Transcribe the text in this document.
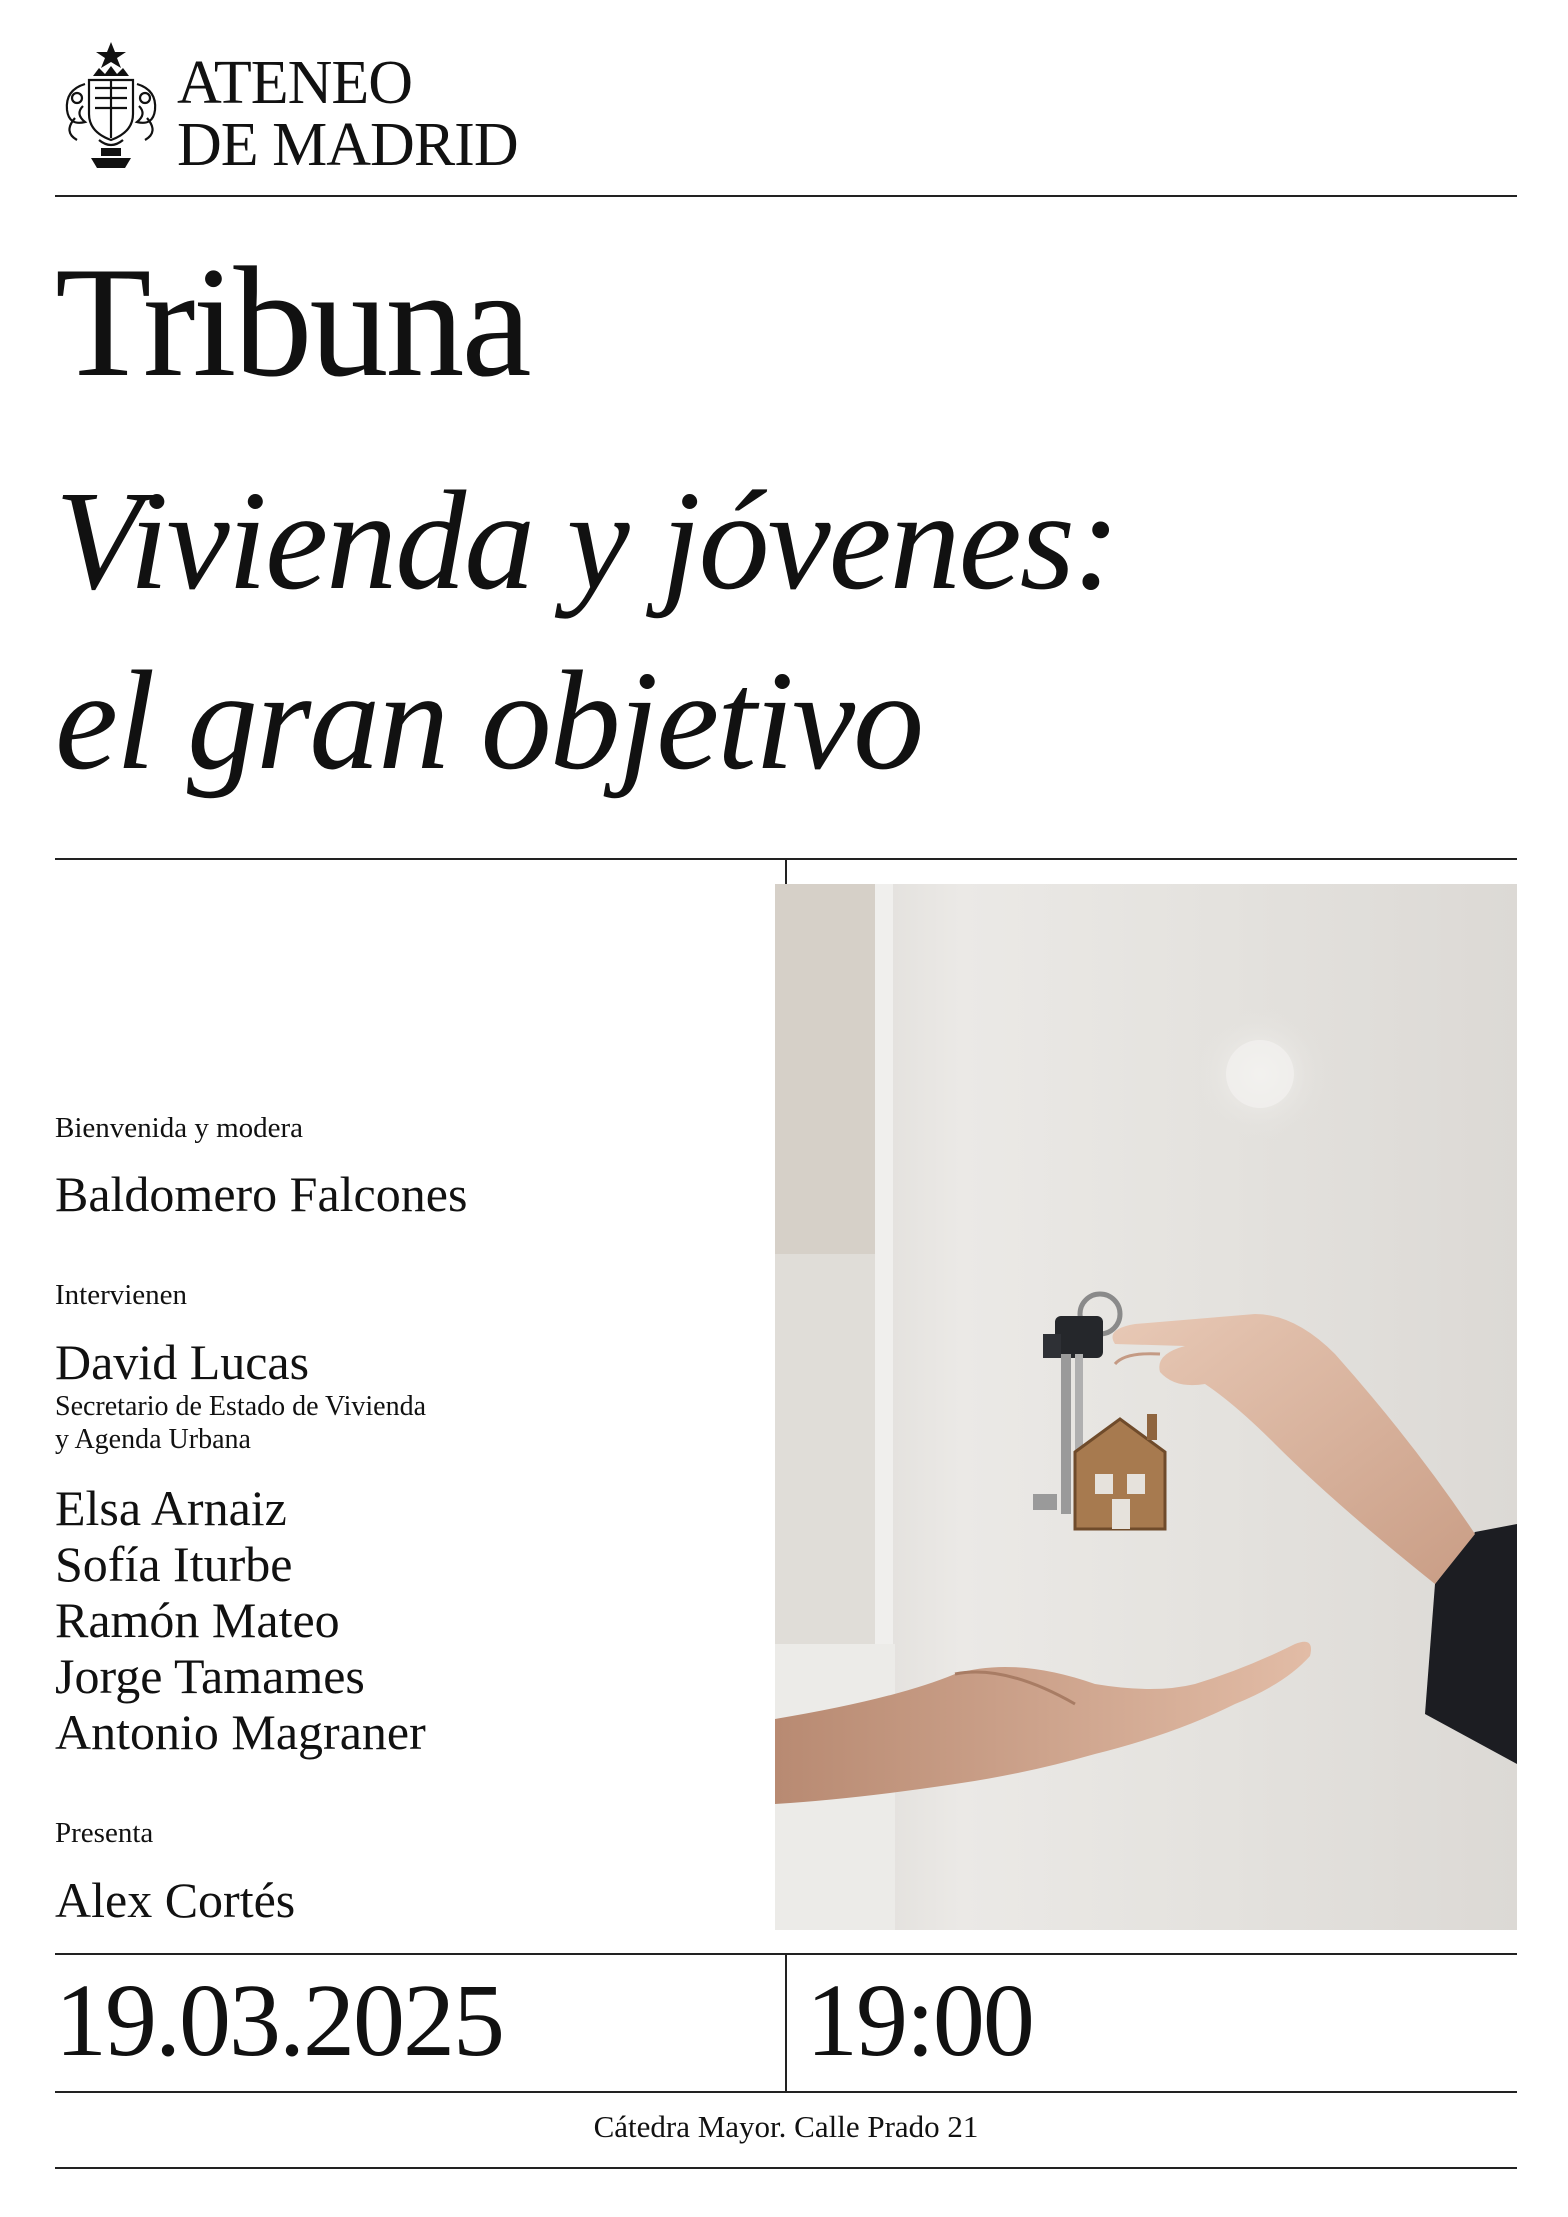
ATENEO
DE MADRID
Tribuna
Vivienda y jóvenes:
el gran objetivo
Bienvenida y modera
Baldomero Falcones
Intervienen
David Lucas
Secretario de Estado de Vivienda
y Agenda Urbana
Elsa Arnaiz
Sofía Iturbe
Ramón Mateo
Jorge Tamames
Antonio Magraner
Presenta
Alex Cortés
19.03.2025	19:00
Cátedra Mayor. Calle Prado 21
